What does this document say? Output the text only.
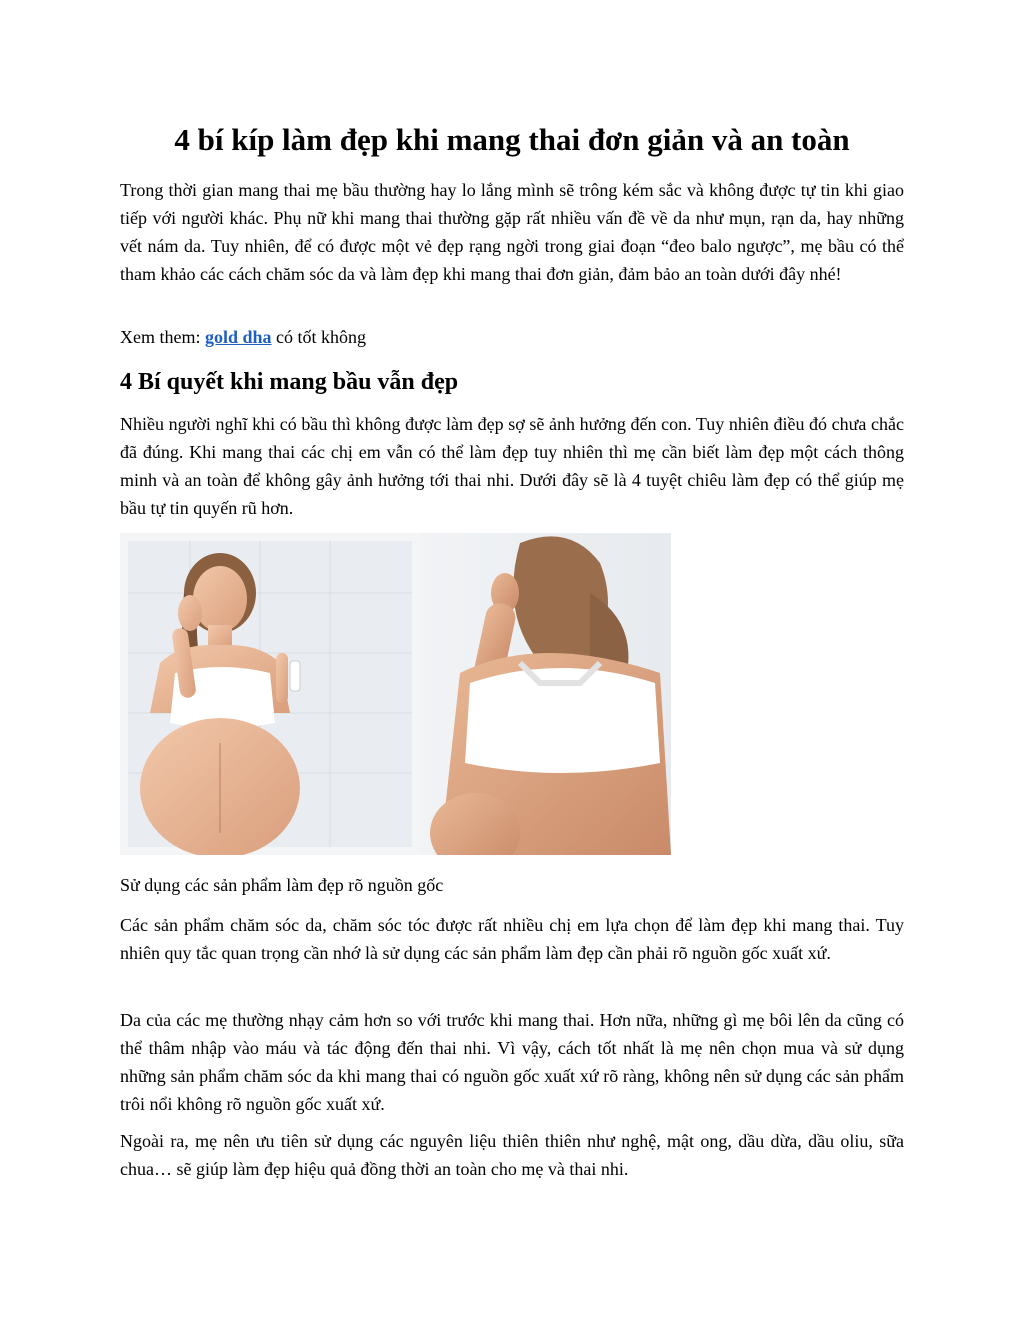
4 bí kíp làm đẹp khi mang thai đơn giản và an toàn

Trong thời gian mang thai mẹ bầu thường hay lo lắng mình sẽ trông kém sắc và không được tự tin khi giao tiếp với người khác. Phụ nữ khi mang thai thường gặp rất nhiều vấn đề về da như mụn, rạn da, hay những vết nám da. Tuy nhiên, để có được một vẻ đẹp rạng ngời trong giai đoạn “đeo balo ngược”, mẹ bầu có thể tham khảo các cách chăm sóc da và làm đẹp khi mang thai đơn giản, đảm bảo an toàn dưới đây nhé!

Xem them: gold dha có tốt không

4 Bí quyết khi mang bầu vẫn đẹp

Nhiều người nghĩ khi có bầu thì không được làm đẹp sợ sẽ ảnh hưởng đến con. Tuy nhiên điều đó chưa chắc đã đúng. Khi mang thai các chị em vẫn có thể làm đẹp tuy nhiên thì mẹ cần biết làm đẹp một cách thông minh và an toàn để không gây ảnh hưởng tới thai nhi. Dưới đây sẽ là 4 tuyệt chiêu làm đẹp có thể giúp mẹ bầu tự tin quyến rũ hơn.

Sử dụng các sản phẩm làm đẹp rõ nguồn gốc

Các sản phẩm chăm sóc da, chăm sóc tóc được rất nhiều chị em lựa chọn để làm đẹp khi mang thai. Tuy nhiên quy tắc quan trọng cần nhớ là sử dụng các sản phẩm làm đẹp cần phải rõ nguồn gốc xuất xứ.

Da của các mẹ thường nhạy cảm hơn so với trước khi mang thai. Hơn nữa, những gì mẹ bôi lên da cũng có thể thâm nhập vào máu và tác động đến thai nhi. Vì vậy, cách tốt nhất là mẹ nên chọn mua và sử dụng những sản phẩm chăm sóc da khi mang thai có nguồn gốc xuất xứ rõ ràng, không nên sử dụng các sản phẩm trôi nổi không rõ nguồn gốc xuất xứ.

Ngoài ra, mẹ nên ưu tiên sử dụng các nguyên liệu thiên thiên như nghệ, mật ong, dầu dừa, dầu oliu, sữa chua… sẽ giúp làm đẹp hiệu quả đồng thời an toàn cho mẹ và thai nhi.
